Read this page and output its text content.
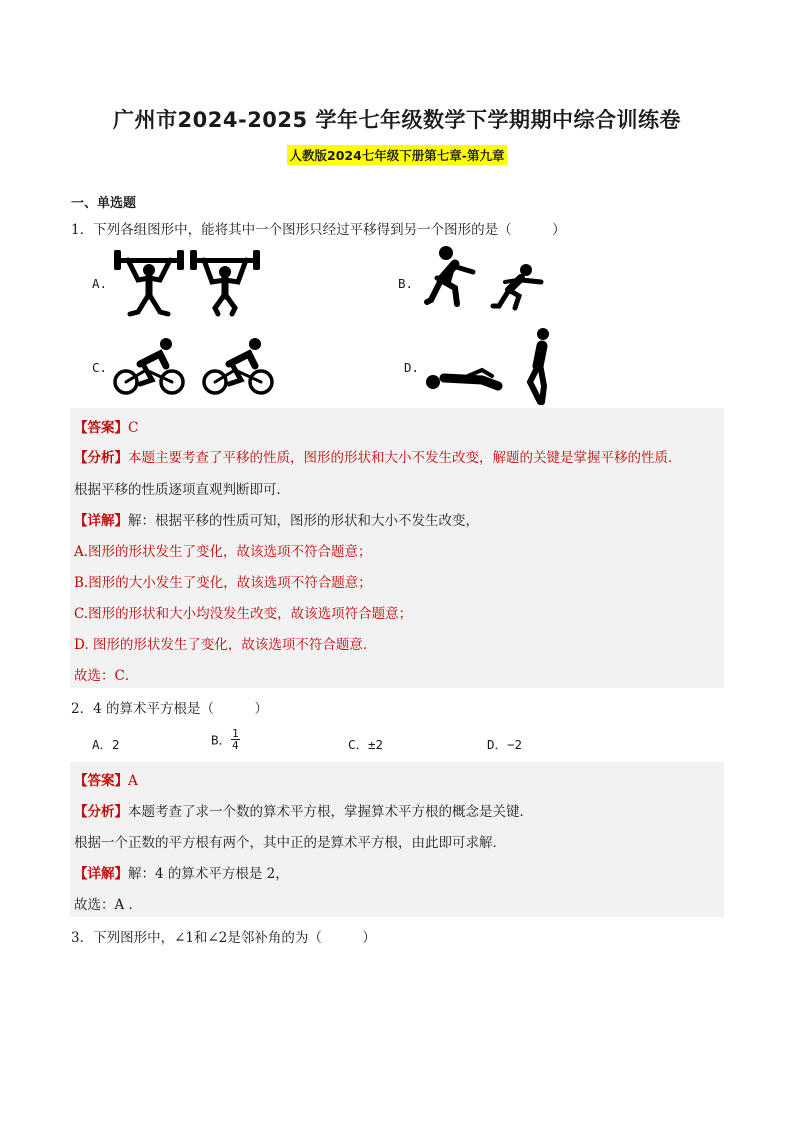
广州市2024-2025 学年七年级数学下学期期中综合训练卷
人教版2024七年级下册第七章-第九章
一、单选题
1．下列各组图形中，能将其中一个图形只经过平移得到另一个图形的是（　　　）
A.	B.
C.	D.
【答案】C
【分析】本题主要考查了平移的性质，图形的形状和大小不发生改变，解题的关键是掌握平移的性质．
根据平移的性质逐项直观判断即可．
【详解】解：根据平移的性质可知，图形的形状和大小不发生改变，
A.图形的形状发生了变化，故该选项不符合题意；
B.图形的大小发生了变化，故该选项不符合题意；
C.图形的形状和大小均没发生改变，故该选项符合题意；
D. 图形的形状发生了变化，故该选项不符合题意．
故选：C．
2．4 的算术平方根是（　　　）
A．2	B． $\frac{1}{4}$	C．±2	D．−2
【答案】A
【分析】本题考查了求一个数的算术平方根，掌握算术平方根的概念是关键．
根据一个正数的平方根有两个，其中正的是算术平方根，由此即可求解．
【详解】解：4 的算术平方根是 2，
故选：A ．
3．下列图形中，∠1和∠2是邻补角的为（　　　）
